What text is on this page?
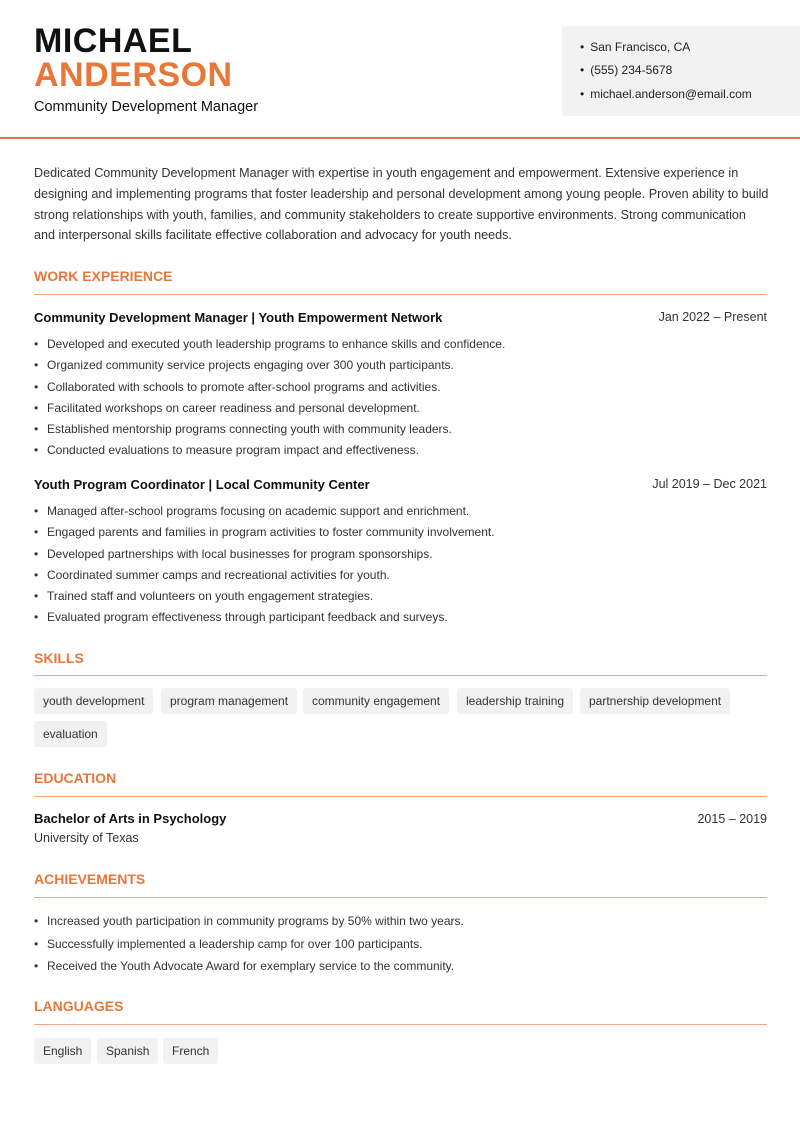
MICHAEL
ANDERSON
Community Development Manager
• San Francisco, CA
• (555) 234-5678
• michael.anderson@email.com
Dedicated Community Development Manager with expertise in youth engagement and empowerment. Extensive experience in designing and implementing programs that foster leadership and personal development among young people. Proven ability to build strong relationships with youth, families, and community stakeholders to create supportive environments. Strong communication and interpersonal skills facilitate effective collaboration and advocacy for youth needs.
WORK EXPERIENCE
Community Development Manager | Youth Empowerment Network	Jan 2022 – Present
• Developed and executed youth leadership programs to enhance skills and confidence.
• Organized community service projects engaging over 300 youth participants.
• Collaborated with schools to promote after-school programs and activities.
• Facilitated workshops on career readiness and personal development.
• Established mentorship programs connecting youth with community leaders.
• Conducted evaluations to measure program impact and effectiveness.
Youth Program Coordinator | Local Community Center	Jul 2019 – Dec 2021
• Managed after-school programs focusing on academic support and enrichment.
• Engaged parents and families in program activities to foster community involvement.
• Developed partnerships with local businesses for program sponsorships.
• Coordinated summer camps and recreational activities for youth.
• Trained staff and volunteers on youth engagement strategies.
• Evaluated program effectiveness through participant feedback and surveys.
SKILLS
youth development	program management	community engagement	leadership training	partnership development
evaluation
EDUCATION
Bachelor of Arts in Psychology	2015 – 2019
University of Texas
ACHIEVEMENTS
• Increased youth participation in community programs by 50% within two years.
• Successfully implemented a leadership camp for over 100 participants.
• Received the Youth Advocate Award for exemplary service to the community.
LANGUAGES
English	Spanish	French
